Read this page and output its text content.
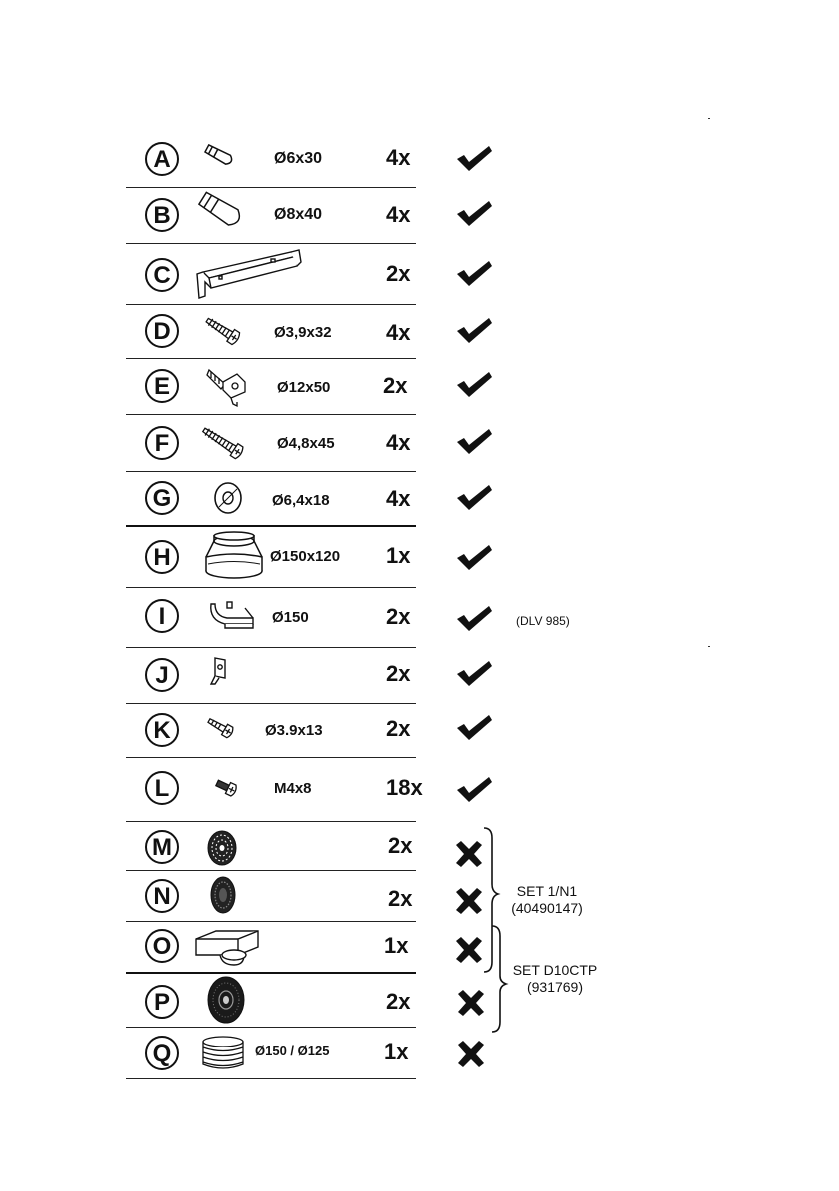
A	Ø6x30	4x
B	Ø8x40	4x
C	2x
D	Ø3,9x32 4x
E	Ø12x50 2x
F	Ø4,8x45 4x
G	Ø6,4x18	4x
H	Ø150x120 1x
I	Ø150	2x	(DLV 985)
J	2x
K	Ø3.9x13	2x
L	M4x8	18x
M	2x
N	2x
O	1x
P	2x
Q	Ø150 / Ø125 1x
SET 1/N1
(40490147)
SET D10CTP
(931769)
